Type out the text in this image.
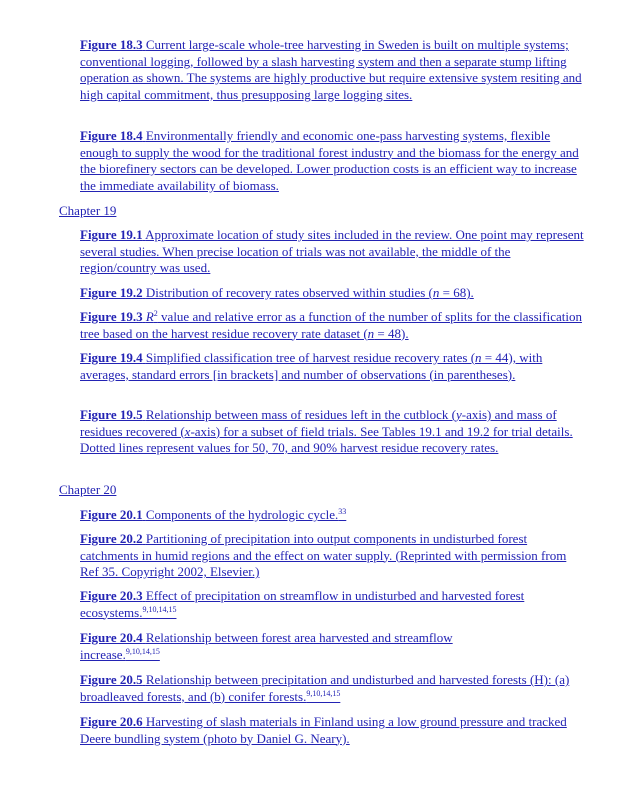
Figure 18.3 Current large-scale whole-tree harvesting in Sweden is built on multiple systems; conventional logging, followed by a slash harvesting system and then a separate stump lifting operation as shown. The systems are highly productive but require extensive system resiting and high capital commitment, thus presupposing large logging sites.
Figure 18.4 Environmentally friendly and economic one-pass harvesting systems, flexible enough to supply the wood for the traditional forest industry and the biomass for the energy and the biorefinery sectors can be developed. Lower production costs is an efficient way to increase the immediate availability of biomass.
Chapter 19
Figure 19.1 Approximate location of study sites included in the review. One point may represent several studies. When precise location of trials was not available, the middle of the region/country was used.
Figure 19.2 Distribution of recovery rates observed within studies (n = 68).
Figure 19.3 $R^2$ value and relative error as a function of the number of splits for the classification tree based on the harvest residue recovery rate dataset (n = 48).
Figure 19.4 Simplified classification tree of harvest residue recovery rates (n = 44), with averages, standard errors [in brackets] and number of observations (in parentheses).
Figure 19.5 Relationship between mass of residues left in the cutblock (y-axis) and mass of residues recovered (x-axis) for a subset of field trials. See Tables 19.1 and 19.2 for trial details. Dotted lines represent values for 50, 70, and 90% harvest residue recovery rates.
Chapter 20
Figure 20.1 Components of the hydrologic cycle.$^{33}$
Figure 20.2 Partitioning of precipitation into output components in undisturbed forest catchments in humid regions and the effect on water supply. (Reprinted with permission from Ref 35. Copyright 2002, Elsevier.)
Figure 20.3 Effect of precipitation on streamflow in undisturbed and harvested forest ecosystems.$^{9,10,14,15}$
Figure 20.4 Relationship between forest area harvested and streamflow increase.$^{9,10,14,15}$
Figure 20.5 Relationship between precipitation and undisturbed and harvested forests (H): (a) broadleaved forests, and (b) conifer forests.$^{9,10,14,15}$
Figure 20.6 Harvesting of slash materials in Finland using a low ground pressure and tracked Deere bundling system (photo by Daniel G. Neary).
